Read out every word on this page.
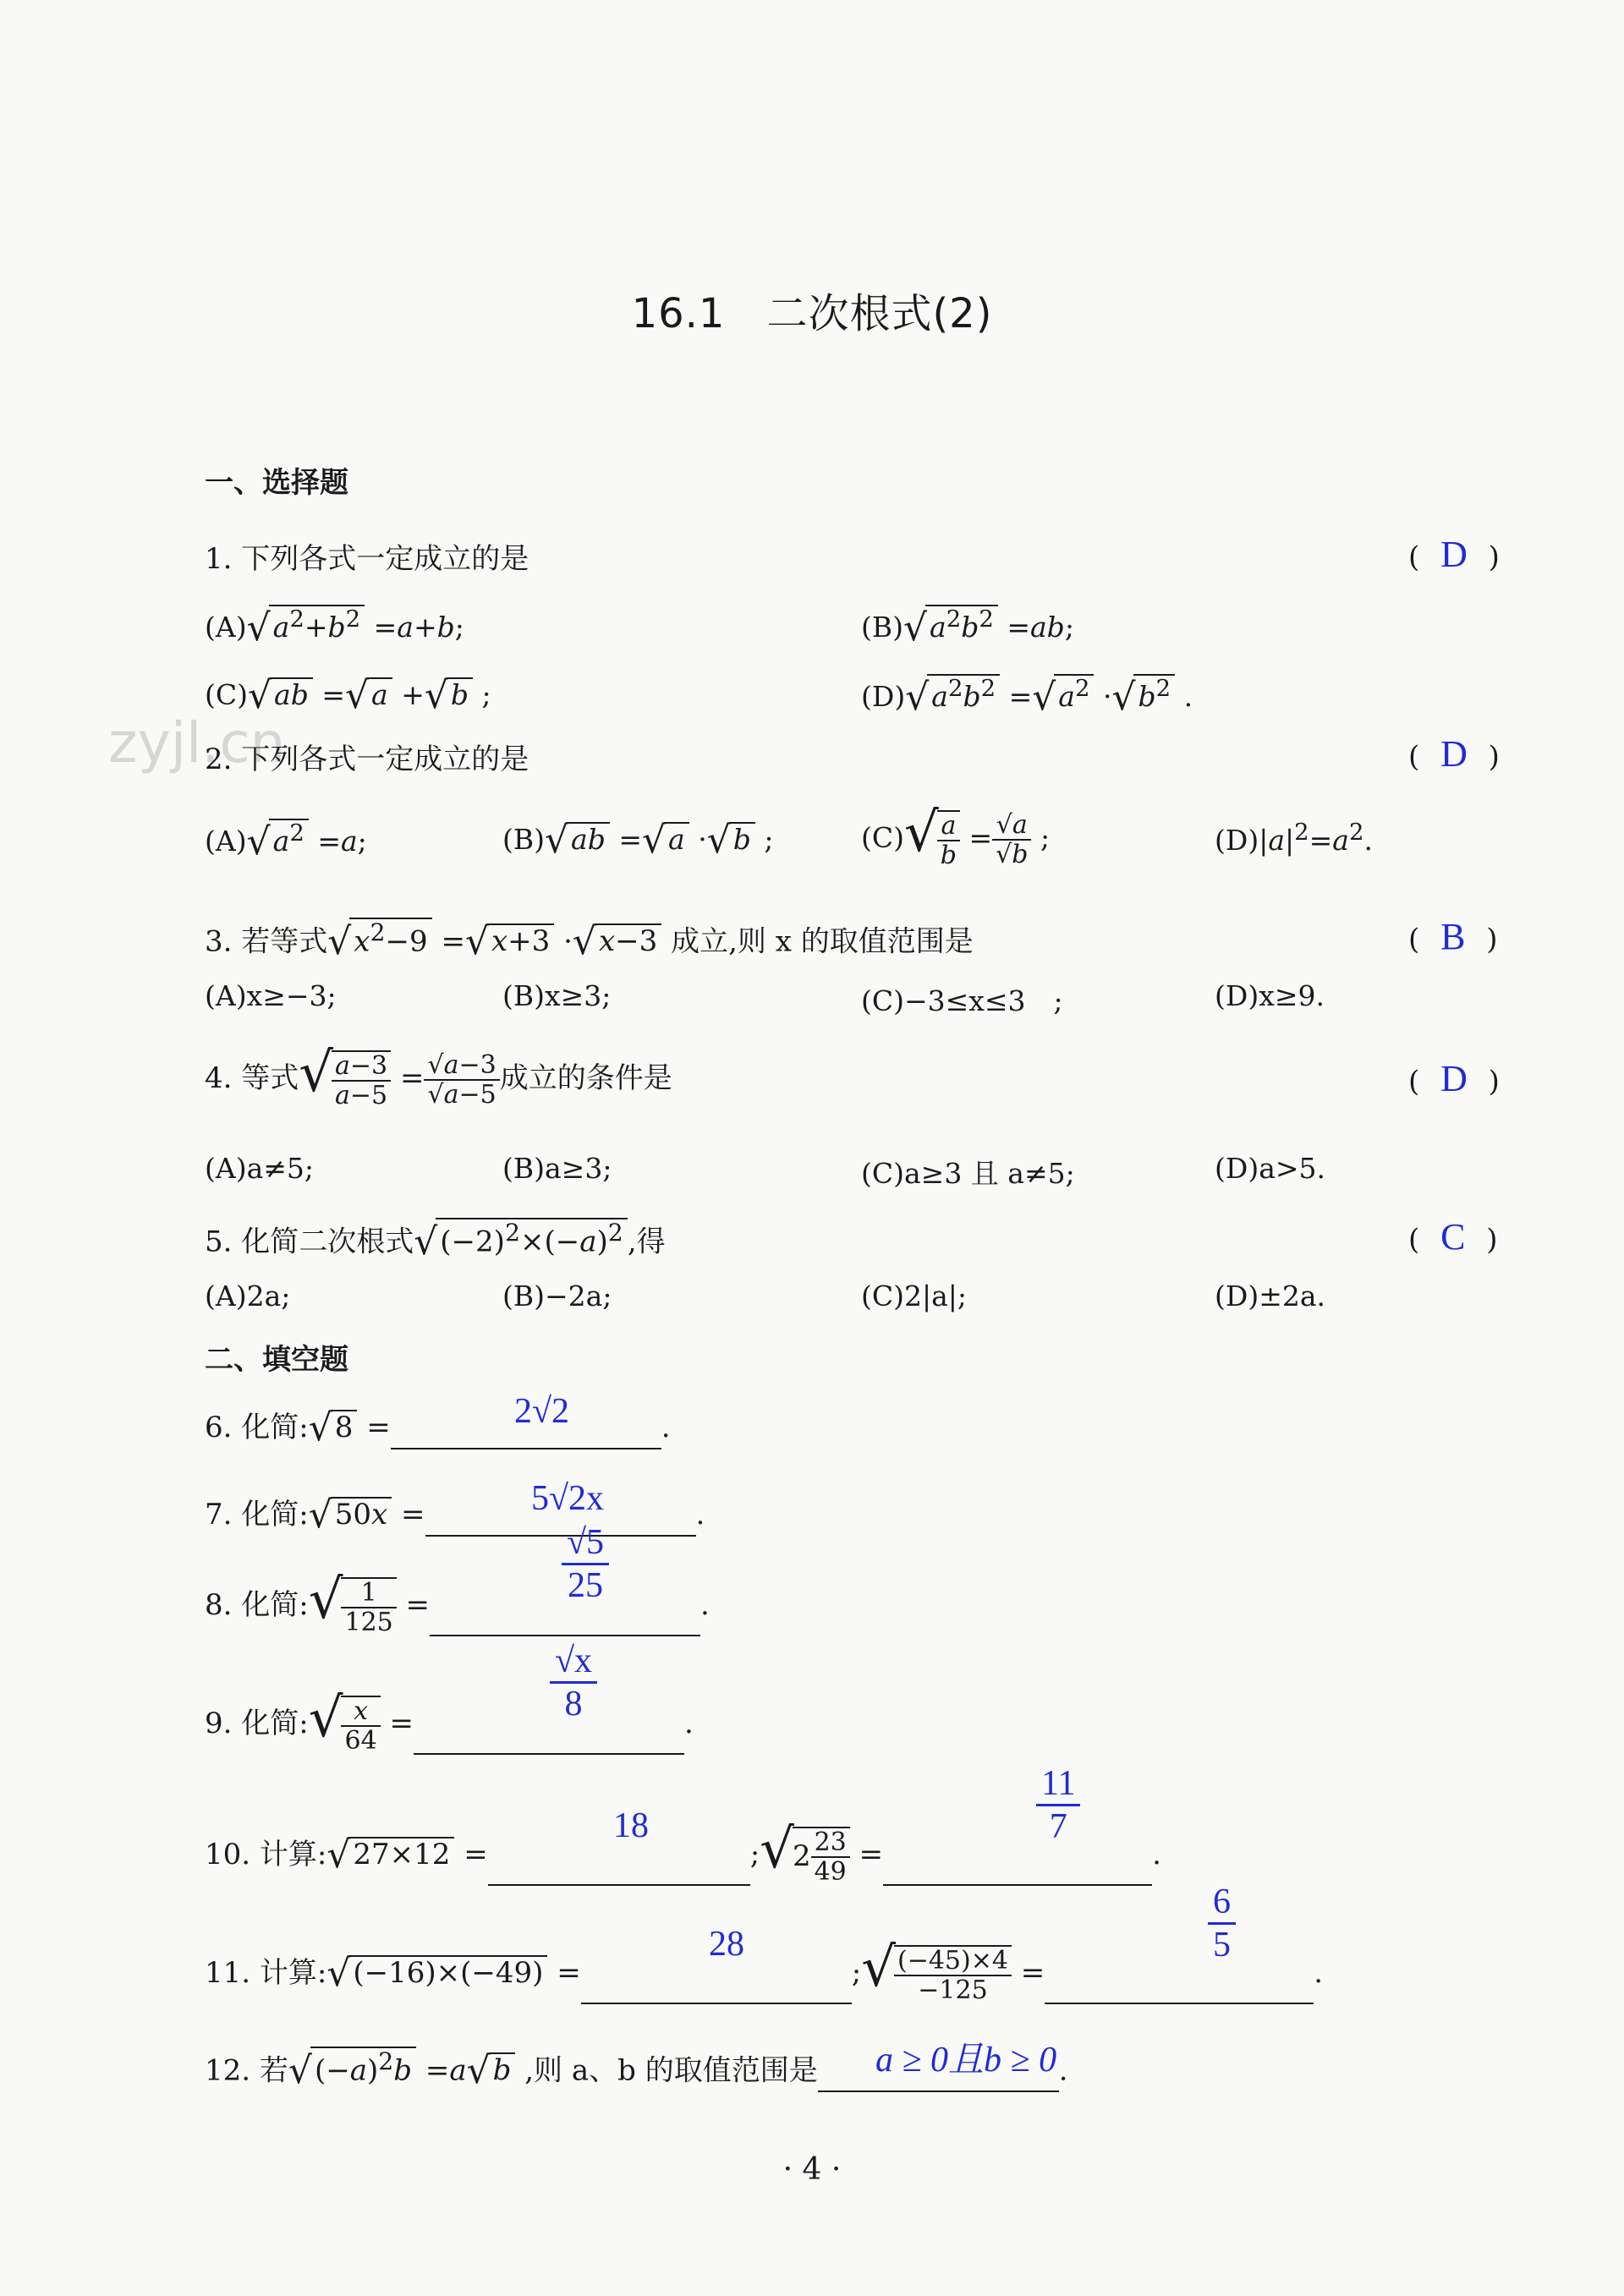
zyjl.cn
16.1　二次根式(2)
一、选择题
1. 下列各式一定成立的是	( D )
$(A)√a^2+b^2 =a+b$;	$(B)√a^2b^2 =ab$;
(C)√ab =√a +√b ;	$(D)√a^2b^2 =√a^2 \cdot√b^2$ .
2. 下列各式一定成立的是	( D )
$(A)√a^2 =a$;	(B)√ab =√a ·√b ;	(C)√
$\frac{a}{b} = \frac{√a}{√b}$ ;	$(D)|a|^2=a^2$.
3. 若等式$√x^2-9 =√x+3 \cdot√x-3$ 成立,则 x 的取值范围是	( B )
(A)x≥−3;	(B)x≥3;	(C)−3≤x≤3　;	(D)x≥9.
4. 等式√
$\frac{a-3}{a-5} = \frac{√a-3}{√a-5}$ 成立的条件是	( D )
(A)a≠5;	(B)a≥3;	(C)a≥3 且 a≠5;	(D)a>5.
5. 化简二次根式$√(-2)^2\times(-a)^2$ ,得	( C )
(A)2a;	(B)−2a;	(C)2|a|;	(D)±2a.
二、填空题
6. 化简:√8 =	.
2√2
7. 化简:√50x =	.
5√2x
8. 化简:√
$\frac{1}{125}$ =	.
√5
25
9. 化简:√
$\frac{x}{64}$ =	.
√x
8
10. 计算:√27×12 =	;√
$2 \frac{23}{49}$ =	.
18
11
7
11. 计算:√(−16)×(−49) =	;√
$\frac{(-45)\times 4}{-125}$ =	.
28
6
5
12. 若$√(-a)^2b =a√b$ ,则 a、b 的取值范围是	.
a ≥ 0且b ≥ 0
· 4 ·
